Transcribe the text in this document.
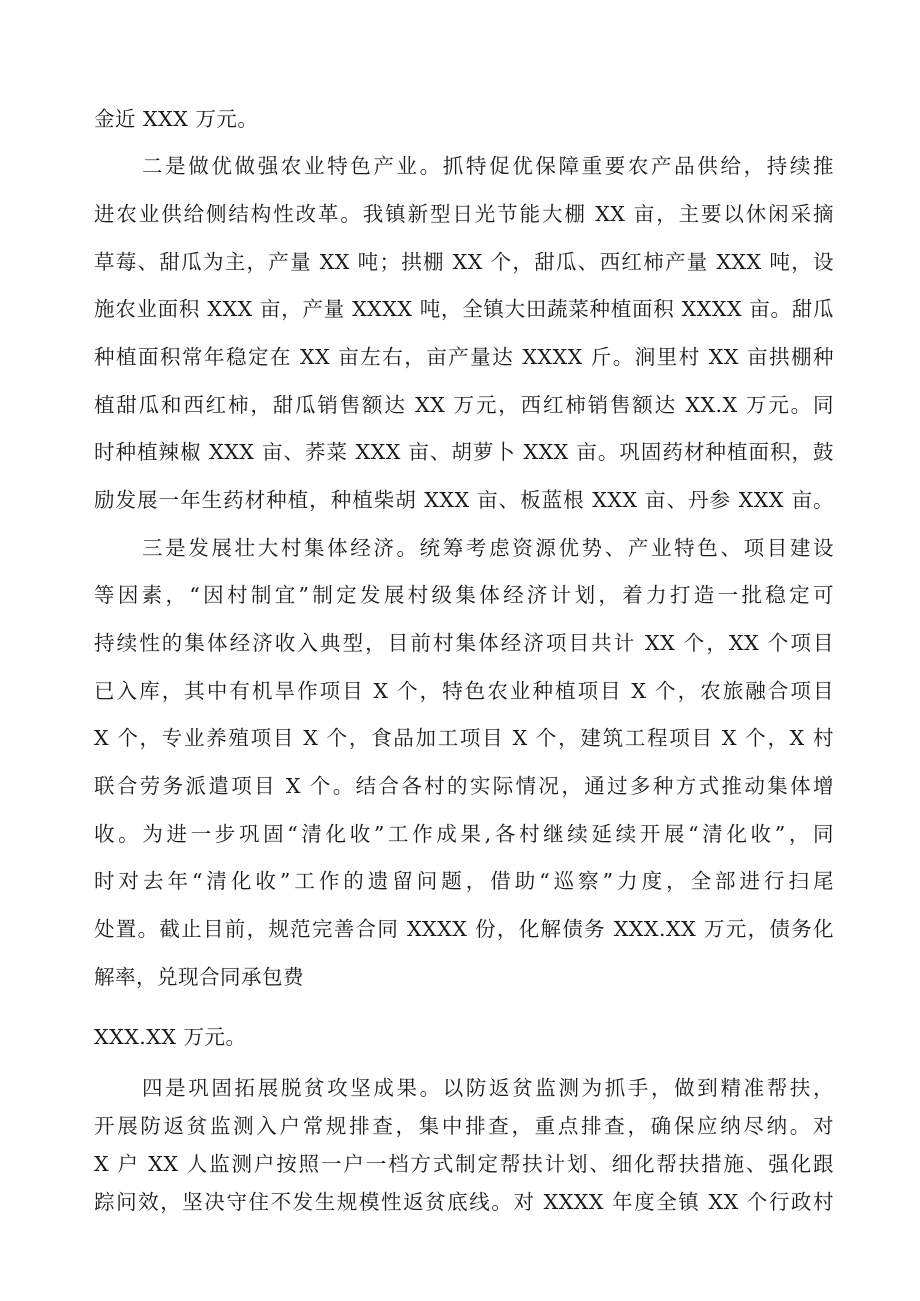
金近 XXX 万元。
二是做优做强农业特色产业。抓特促优保障重要农产品供给，持续推
进农业供给侧结构性改革。我镇新型日光节能大棚 XX 亩，主要以休闲采摘
草莓、甜瓜为主，产量 XX 吨；拱棚 XX 个，甜瓜、西红柿产量 XXX 吨，设
施农业面积 XXX 亩，产量 XXXX 吨，全镇大田蔬菜种植面积 XXXX 亩。甜瓜
种植面积常年稳定在 XX 亩左右，亩产量达 XXXX 斤。涧里村 XX 亩拱棚种
植甜瓜和西红柿，甜瓜销售额达 XX 万元，西红柿销售额达 XX.X 万元。同
时种植辣椒 XXX 亩、荞菜 XXX 亩、胡萝卜 XXX 亩。巩固药材种植面积，鼓
励发展一年生药材种植，种植柴胡 XXX 亩、板蓝根 XXX 亩、丹参 XXX 亩。
三是发展壮大村集体经济。统筹考虑资源优势、产业特色、项目建设
等因素，“因村制宜”制定发展村级集体经济计划，着力打造一批稳定可
持续性的集体经济收入典型，目前村集体经济项目共计 XX 个，XX 个项目
已入库，其中有机旱作项目 X 个，特色农业种植项目 X 个，农旅融合项目
X 个，专业养殖项目 X 个，食品加工项目 X 个，建筑工程项目 X 个，X 村
联合劳务派遣项目 X 个。结合各村的实际情况，通过多种方式推动集体增
收。为进一步巩固“清化收”工作成果,各村继续延续开展“清化收”，同
时对去年“清化收”工作的遗留问题，借助“巡察”力度，全部进行扫尾
处置。截止目前，规范完善合同 XXXX 份，化解债务 XXX.XX 万元，债务化
解率，兑现合同承包费
XXX.XX 万元。
四是巩固拓展脱贫攻坚成果。以防返贫监测为抓手，做到精准帮扶，
开展防返贫监测入户常规排查，集中排查，重点排查，确保应纳尽纳。对
X 户 XX 人监测户按照一户一档方式制定帮扶计划、细化帮扶措施、强化跟
踪问效，坚决守住不发生规模性返贫底线。对 XXXX 年度全镇 XX 个行政村
